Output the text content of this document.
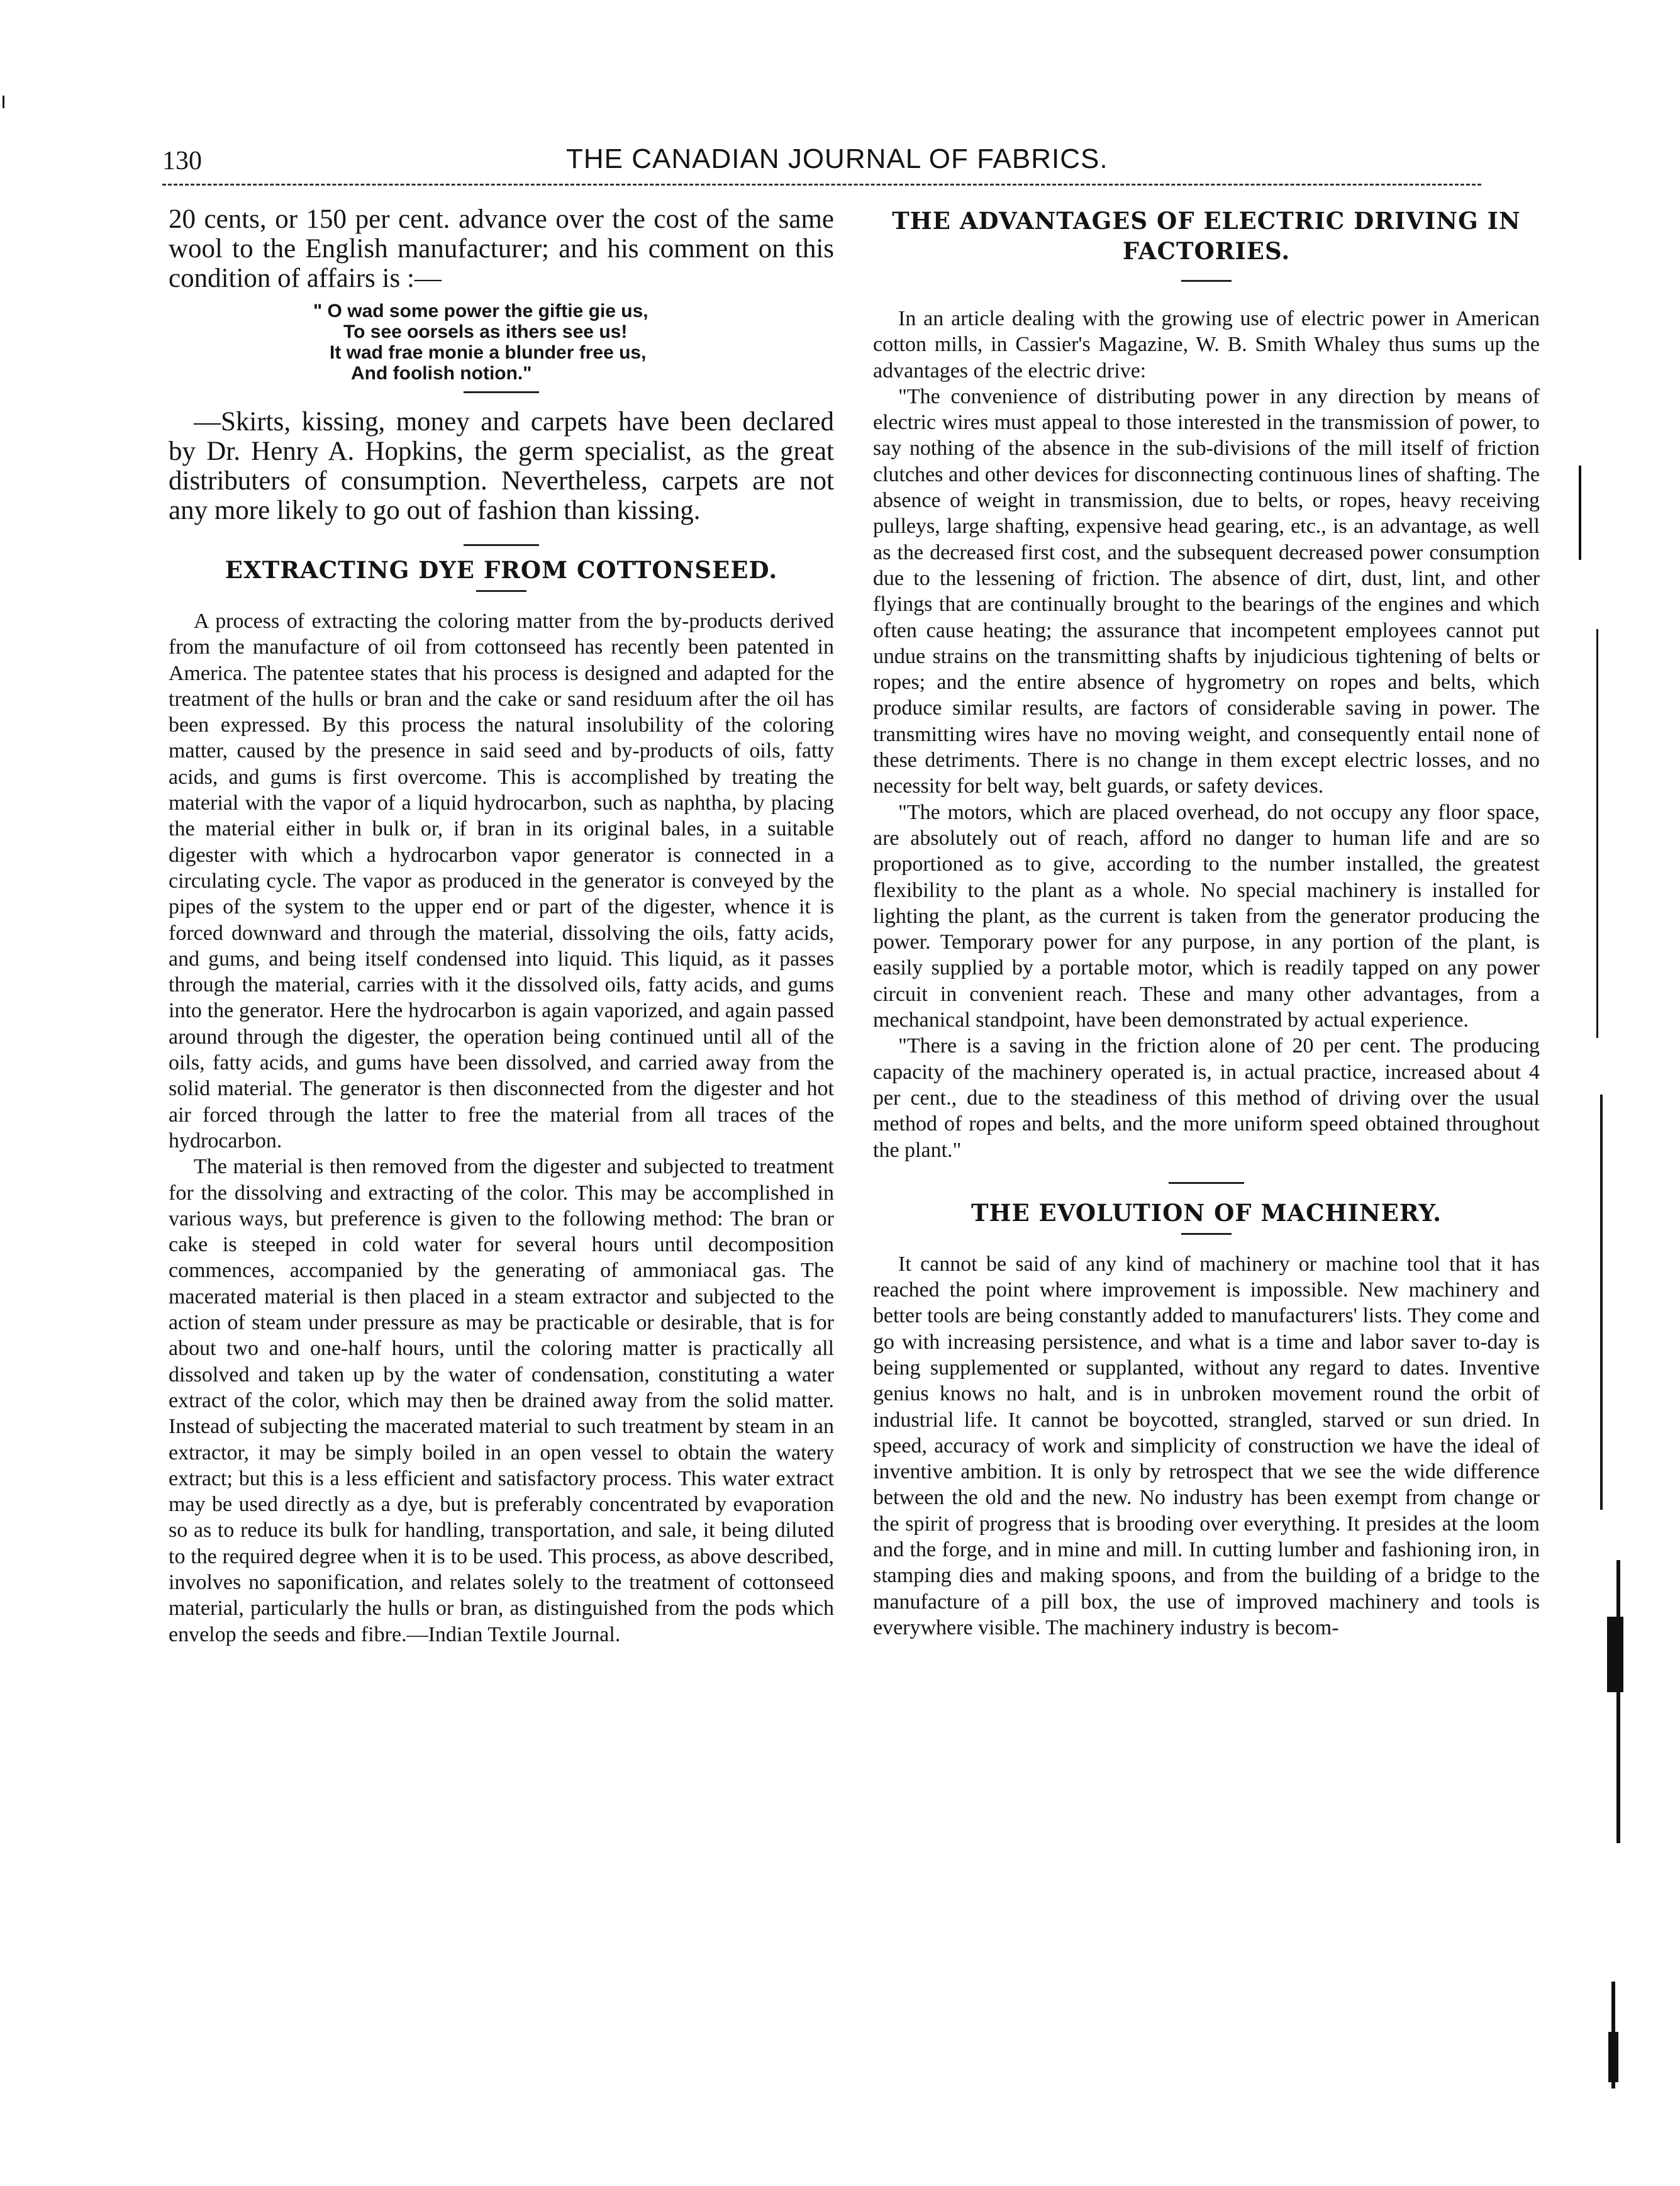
130	THE CANADIAN JOURNAL OF FABRICS.

20 cents, or 150 per cent. advance over the cost of the same wool to the English manufacturer; and his comment on this condition of affairs is :—

" O wad some power the giftie gie us,
To see oorsels as ithers see us!
It wad frae monie a blunder free us,
And foolish notion."

—Skirts, kissing, money and carpets have been declared by Dr. Henry A. Hopkins, the germ specialist, as the great distributers of consumption. Nevertheless, carpets are not any more likely to go out of fashion than kissing.

EXTRACTING DYE FROM COTTONSEED.

A process of extracting the coloring matter from the by-products derived from the manufacture of oil from cottonseed has recently been patented in America. The patentee states that his process is designed and adapted for the treatment of the hulls or bran and the cake or sand residuum after the oil has been expressed. By this process the natural insolubility of the coloring matter, caused by the presence in said seed and by-products of oils, fatty acids, and gums is first overcome. This is accomplished by treating the material with the vapor of a liquid hydrocarbon, such as naphtha, by placing the material either in bulk or, if bran in its original bales, in a suitable digester with which a hydrocarbon vapor generator is connected in a circulating cycle. The vapor as produced in the generator is conveyed by the pipes of the system to the upper end or part of the digester, whence it is forced downward and through the material, dissolving the oils, fatty acids, and gums, and being itself condensed into liquid. This liquid, as it passes through the material, carries with it the dissolved oils, fatty acids, and gums into the generator. Here the hydrocarbon is again vaporized, and again passed around through the digester, the operation being continued until all of the oils, fatty acids, and gums have been dissolved, and carried away from the solid material. The generator is then disconnected from the digester and hot air forced through the latter to free the material from all traces of the hydrocarbon.

The material is then removed from the digester and subjected to treatment for the dissolving and extracting of the color. This may be accomplished in various ways, but preference is given to the following method: The bran or cake is steeped in cold water for several hours until decomposition commences, accompanied by the generating of ammoniacal gas. The macerated material is then placed in a steam extractor and subjected to the action of steam under pressure as may be practicable or desirable, that is for about two and one-half hours, until the coloring matter is practically all dissolved and taken up by the water of condensation, constituting a water extract of the color, which may then be drained away from the solid matter. Instead of subjecting the macerated material to such treatment by steam in an extractor, it may be simply boiled in an open vessel to obtain the watery extract; but this is a less efficient and satisfactory process. This water extract may be used directly as a dye, but is preferably concentrated by evaporation so as to reduce its bulk for handling, transportation, and sale, it being diluted to the required degree when it is to be used. This process, as above described, involves no saponification, and relates solely to the treatment of cottonseed material, particularly the hulls or bran, as distinguished from the pods which envelop the seeds and fibre.—Indian Textile Journal.

THE ADVANTAGES OF ELECTRIC DRIVING IN FACTORIES.

In an article dealing with the growing use of electric power in American cotton mills, in Cassier's Magazine, W. B. Smith Whaley thus sums up the advantages of the electric drive:

"The convenience of distributing power in any direction by means of electric wires must appeal to those interested in the transmission of power, to say nothing of the absence in the sub-divisions of the mill itself of friction clutches and other devices for disconnecting continuous lines of shafting. The absence of weight in transmission, due to belts, or ropes, heavy receiving pulleys, large shafting, expensive head gearing, etc., is an advantage, as well as the decreased first cost, and the subsequent decreased power consumption due to the lessening of friction. The absence of dirt, dust, lint, and other flyings that are continually brought to the bearings of the engines and which often cause heating; the assurance that incompetent employees cannot put undue strains on the transmitting shafts by injudicious tightening of belts or ropes; and the entire absence of hygrometry on ropes and belts, which produce similar results, are factors of considerable saving in power. The transmitting wires have no moving weight, and consequently entail none of these detriments. There is no change in them except electric losses, and no necessity for belt way, belt guards, or safety devices.

"The motors, which are placed overhead, do not occupy any floor space, are absolutely out of reach, afford no danger to human life and are so proportioned as to give, according to the number installed, the greatest flexibility to the plant as a whole. No special machinery is installed for lighting the plant, as the current is taken from the generator producing the power. Temporary power for any purpose, in any portion of the plant, is easily supplied by a portable motor, which is readily tapped on any power circuit in convenient reach. These and many other advantages, from a mechanical standpoint, have been demonstrated by actual experience.

"There is a saving in the friction alone of 20 per cent. The producing capacity of the machinery operated is, in actual practice, increased about 4 per cent., due to the steadiness of this method of driving over the usual method of ropes and belts, and the more uniform speed obtained throughout the plant."

THE EVOLUTION OF MACHINERY.

It cannot be said of any kind of machinery or machine tool that it has reached the point where improvement is impossible. New machinery and better tools are being constantly added to manufacturers' lists. They come and go with increasing persistence, and what is a time and labor saver to-day is being supplemented or supplanted, without any regard to dates. Inventive genius knows no halt, and is in unbroken movement round the orbit of industrial life. It cannot be boycotted, strangled, starved or sun dried. In speed, accuracy of work and simplicity of construction we have the ideal of inventive ambition. It is only by retrospect that we see the wide difference between the old and the new. No industry has been exempt from change or the spirit of progress that is brooding over everything. It presides at the loom and the forge, and in mine and mill. In cutting lumber and fashioning iron, in stamping dies and making spoons, and from the building of a bridge to the manufacture of a pill box, the use of improved machinery and tools is everywhere visible. The machinery industry is becom-
